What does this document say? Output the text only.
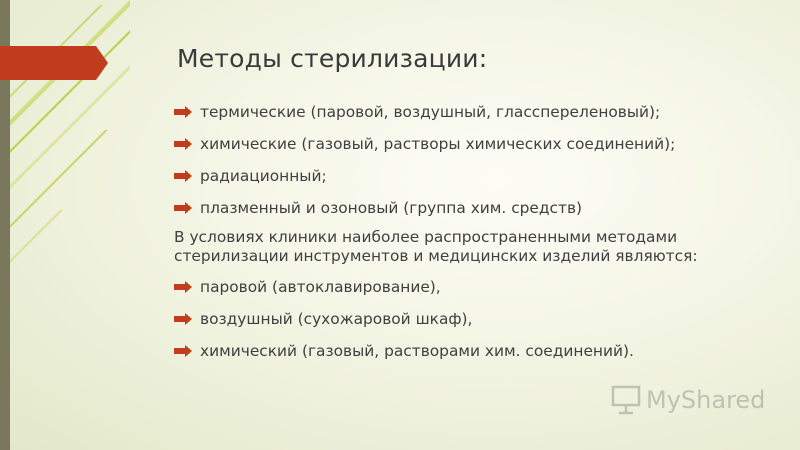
Методы стерилизации:
термические (паровой, воздушный, гласспереленовый);
химические (газовый, растворы химических соединений);
радиационный;
плазменный и озоновый (группа хим. средств)
В условиях клиники наиболее распространенными методами стерилизации инструментов и медицинских изделий являются:
паровой (автоклавирование),
воздушный (сухожаровой шкаф),
химический (газовый, растворами хим. соединений).
MyShared
